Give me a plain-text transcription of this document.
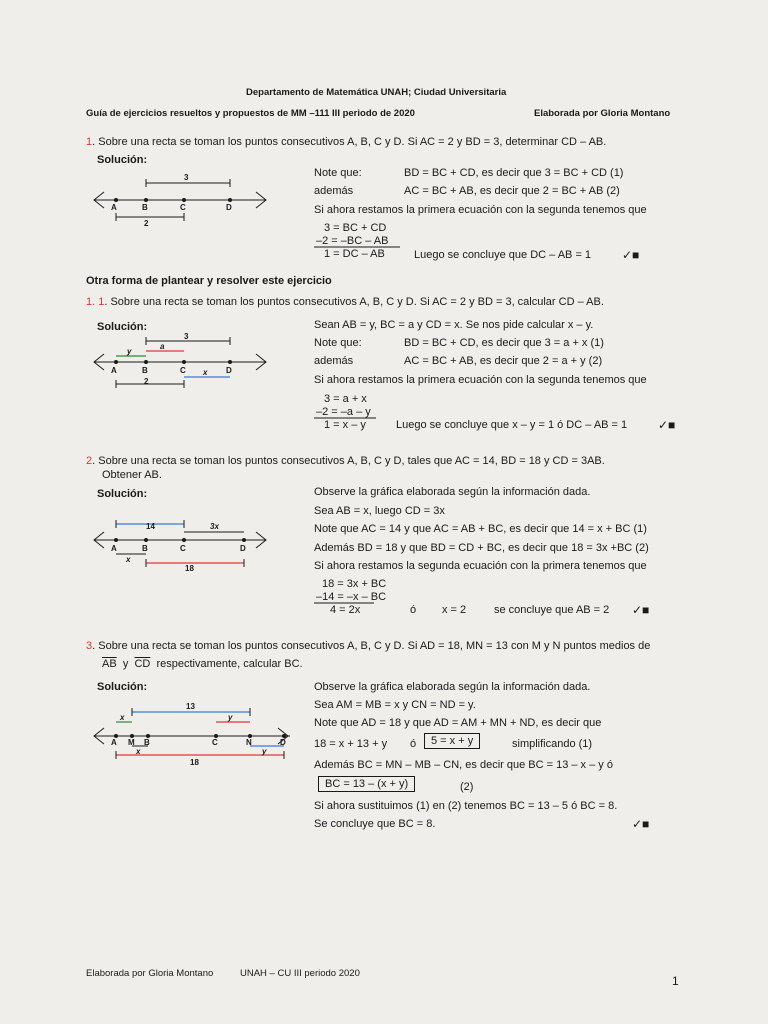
Departamento de Matemática UNAH; Ciudad Universitaria
Guía de ejercicios resueltos y propuestos de MM –111 III periodo de 2020	Elaborada por Gloria Montano
1. Sobre una recta se toman los puntos consecutivos A, B, C y D. Si AC = 2 y BD = 3, determinar CD – AB.
Solución:
3
2
A	B	C	D
Note que:	BD = BC + CD, es decir que 3 = BC + CD (1)
además	AC = BC + AB, es decir que 2 = BC + AB (2)
Si ahora restamos la primera ecuación con la segunda tenemos que
3 = BC + CD
–2 = –BC – AB
1 = DC – AB	Luego se concluye que DC – AB = 1	✓■
Otra forma de plantear y resolver este ejercicio
1. 1. Sobre una recta se toman los puntos consecutivos A, B, C y D. Si AC = 2 y BD = 3, calcular CD – AB.
Solución:
3
y
a
x
2
A	B	C	D
Sean AB = y, BC = a y CD = x. Se nos pide calcular x – y.
Note que:	BD = BC + CD, es decir que 3 = a + x (1)
además	AC = BC + AB, es decir que 2 = a + y (2)
Si ahora restamos la primera ecuación con la segunda tenemos que
3 = a + x
–2 = –a – y
1 = x – y	Luego se concluye que x – y = 1 ó DC – AB = 1	✓■
2. Sobre una recta se toman los puntos consecutivos A, B, C y D, tales que AC = 14, BD = 18 y CD = 3AB.
Obtener AB.
Solución:
14	3x
x
18
A	B	C	D
Observe la gráfica elaborada según la información dada.
Sea AB = x, luego CD = 3x
Note que AC = 14 y que AC = AB + BC, es decir que 14 = x + BC (1)
Además BD = 18 y que BD = CD + BC, es decir que 18 = 3x +BC (2)
Si ahora restamos la segunda ecuación con la primera tenemos que
18 = 3x + BC
–14 = –x – BC
4 = 2x	ó x = 2	se concluye que AB = 2 ✓■
3. Sobre una recta se toman los puntos consecutivos A, B, C y D. Si AD = 18, MN = 13 con M y N puntos medios de
$\overline{AB}$ y $\overline{CD}$ respectivamente, calcular BC.
Solución:
13
x
x
y
y
18
A M B	C	N	D
Observe la gráfica elaborada según la información dada.
Sea AM = MB = x y CN = ND = y.
Note que AD = 18 y que AD = AM + MN + ND, es decir que
18 = x + 13 + y ó	5 = x + y	simplificando (1)
Además BC = MN – MB – CN, es decir que BC = 13 – x – y ó
BC = 13 – (x + y)	(2)
Si ahora sustituimos (1) en (2) tenemos BC = 13 – 5 ó BC = 8.
Se concluye que BC = 8.	✓■
Elaborada por Gloria Montano	UNAH – CU III periodo 2020
1
